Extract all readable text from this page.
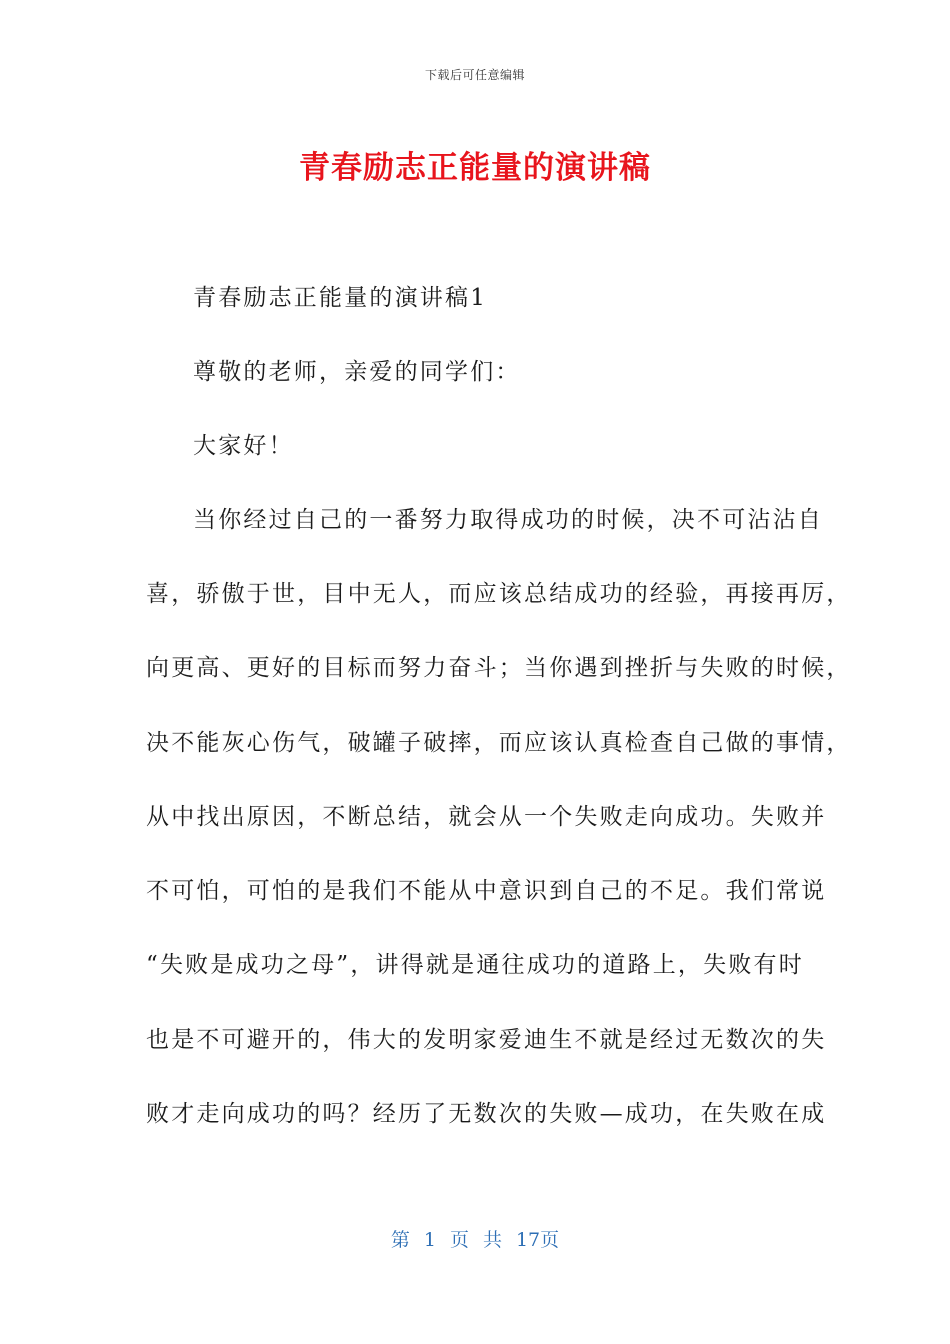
下载后可任意编辑
青春励志正能量的演讲稿
青春励志正能量的演讲稿1
尊敬的老师，亲爱的同学们：
大家好！
当你经过自己的一番努力取得成功的时候，决不可沾沾自
喜，骄傲于世，目中无人，而应该总结成功的经验，再接再厉，
向更高、更好的目标而努力奋斗；当你遇到挫折与失败的时候，
决不能灰心伤气，破罐子破摔，而应该认真检查自己做的事情，
从中找出原因，不断总结，就会从一个失败走向成功。失败并
不可怕，可怕的是我们不能从中意识到自己的不足。我们常说
“失败是成功之母”，讲得就是通往成功的道路上，失败有时
也是不可避开的，伟大的发明家爱迪生不就是经过无数次的失
败才走向成功的吗？经历了无数次的失败—成功，在失败在成
第 1 页 共 17页
